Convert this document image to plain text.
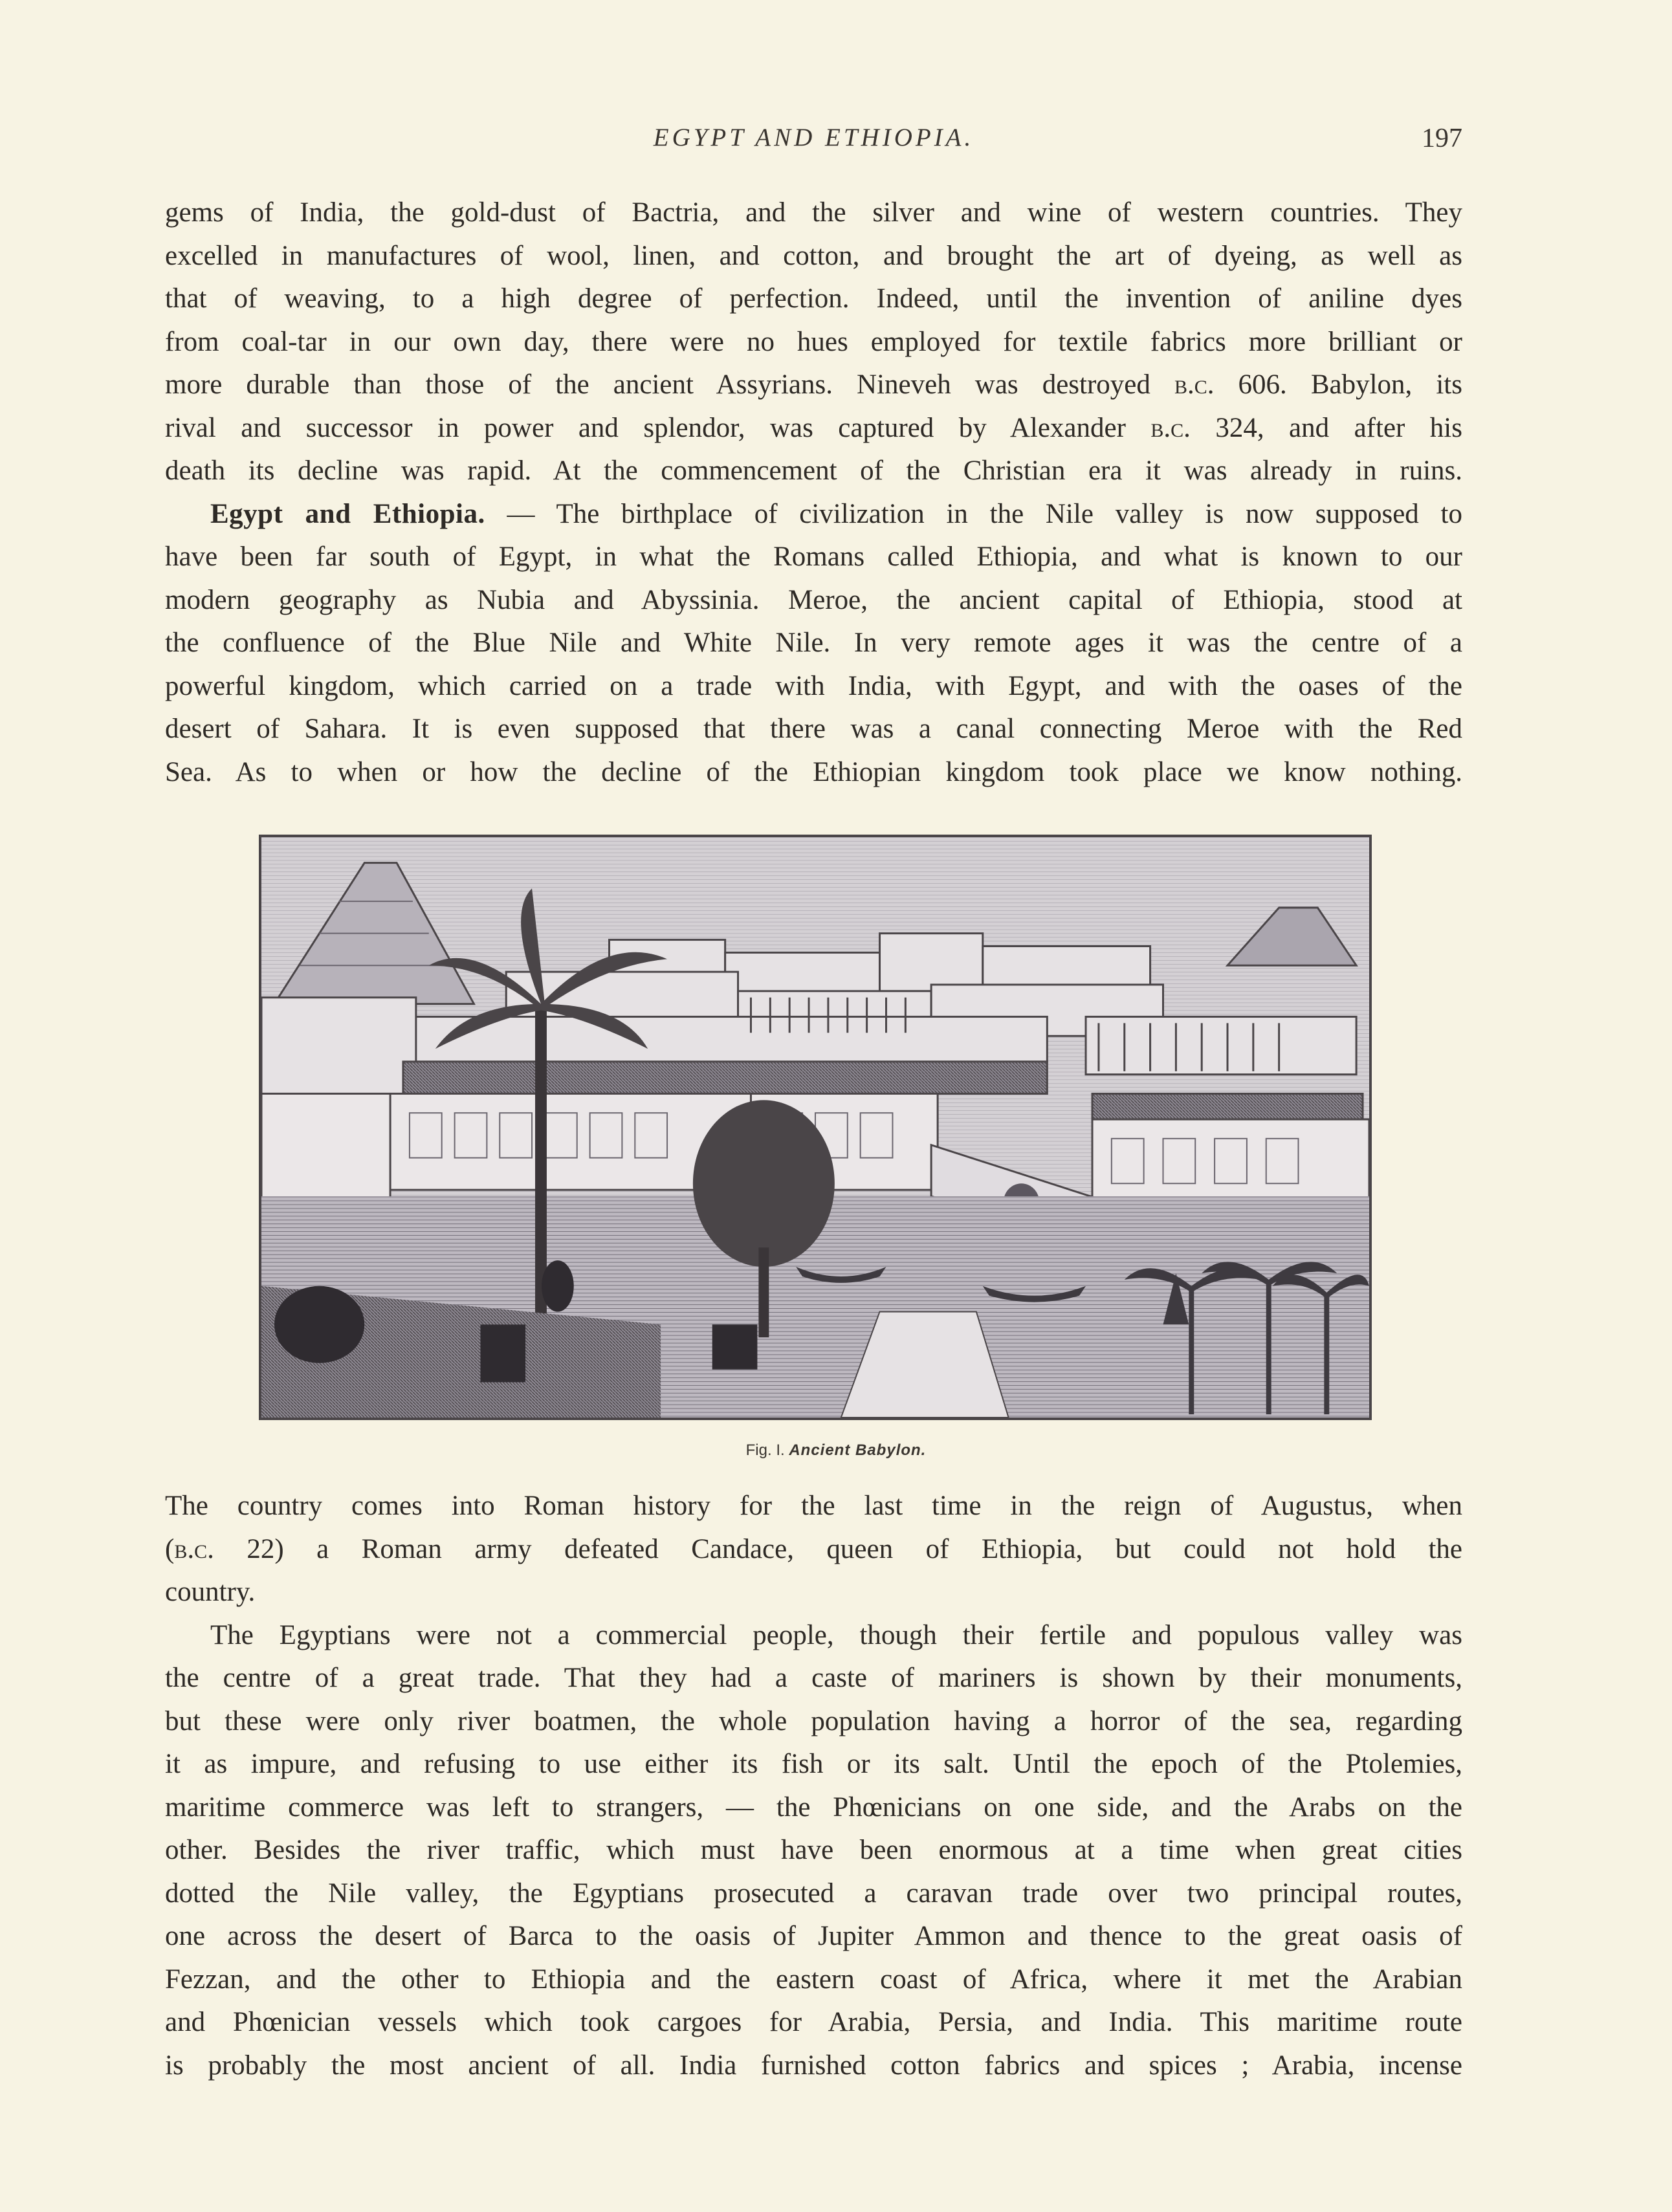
EGYPT AND ETHIOPIA.	197
gems of India, the gold-dust of Bactria, and the silver and wine of western countries. They
excelled in manufactures of wool, linen, and cotton, and brought the art of dyeing, as well as
that of weaving, to a high degree of perfection. Indeed, until the invention of aniline dyes
from coal-tar in our own day, there were no hues employed for textile fabrics more brilliant or
more durable than those of the ancient Assyrians. Nineveh was destroyed b.c. 606. Babylon, its
rival and successor in power and splendor, was captured by Alexander b.c. 324, and after his
death its decline was rapid. At the commencement of the Christian era it was already in ruins.
Egypt and Ethiopia. — The birthplace of civilization in the Nile valley is now supposed to
have been far south of Egypt, in what the Romans called Ethiopia, and what is known to our
modern geography as Nubia and Abyssinia. Meroe, the ancient capital of Ethiopia, stood at
the confluence of the Blue Nile and White Nile. In very remote ages it was the centre of a
powerful kingdom, which carried on a trade with India, with Egypt, and with the oases of the
desert of Sahara. It is even supposed that there was a canal connecting Meroe with the Red
Sea. As to when or how the decline of the Ethiopian kingdom took place we know nothing.
Fig. I. Ancient Babylon.
The country comes into Roman history for the last time in the reign of Augustus, when
(b.c. 22) a Roman army defeated Candace, queen of Ethiopia, but could not hold the
country.
The Egyptians were not a commercial people, though their fertile and populous valley was
the centre of a great trade. That they had a caste of mariners is shown by their monuments,
but these were only river boatmen, the whole population having a horror of the sea, regarding
it as impure, and refusing to use either its fish or its salt. Until the epoch of the Ptolemies,
maritime commerce was left to strangers, — the Phœnicians on one side, and the Arabs on the
other. Besides the river traffic, which must have been enormous at a time when great cities
dotted the Nile valley, the Egyptians prosecuted a caravan trade over two principal routes,
one across the desert of Barca to the oasis of Jupiter Ammon and thence to the great oasis of
Fezzan, and the other to Ethiopia and the eastern coast of Africa, where it met the Arabian
and Phœnician vessels which took cargoes for Arabia, Persia, and India. This maritime route
is probably the most ancient of all. India furnished cotton fabrics and spices ; Arabia, incense
